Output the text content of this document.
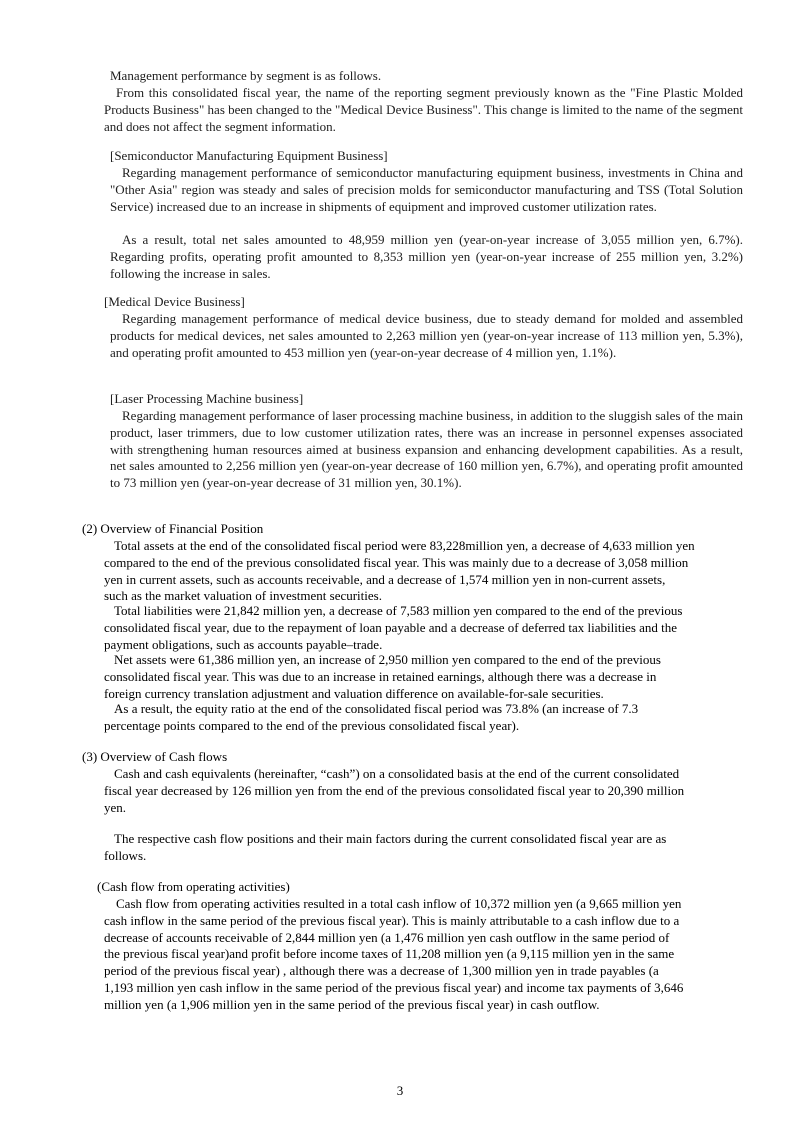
Management performance by segment is as follows.
From this consolidated fiscal year, the name of the reporting segment previously known as the "Fine Plastic Molded Products Business" has been changed to the "Medical Device Business". This change is limited to the name of the segment and does not affect the segment information.
[Semiconductor Manufacturing Equipment Business]
Regarding management performance of semiconductor manufacturing equipment business, investments in China and "Other Asia" region was steady and sales of precision molds for semiconductor manufacturing and TSS (Total Solution Service) increased due to an increase in shipments of equipment and improved customer utilization rates.
As a result, total net sales amounted to 48,959 million yen (year-on-year increase of 3,055 million yen, 6.7%). Regarding profits, operating profit amounted to 8,353 million yen (year-on-year increase of 255 million yen, 3.2%) following the increase in sales.
[Medical Device Business]
Regarding management performance of medical device business, due to steady demand for molded and assembled products for medical devices, net sales amounted to 2,263 million yen (year-on-year increase of 113 million yen, 5.3%), and operating profit amounted to 453 million yen (year-on-year decrease of 4 million yen, 1.1%).
[Laser Processing Machine business]
Regarding management performance of laser processing machine business, in addition to the sluggish sales of the main product, laser trimmers, due to low customer utilization rates, there was an increase in personnel expenses associated with strengthening human resources aimed at business expansion and enhancing development capabilities. As a result, net sales amounted to 2,256 million yen (year-on-year decrease of 160 million yen, 6.7%), and operating profit amounted to 73 million yen (year-on-year decrease of 31 million yen, 30.1%).
(2) Overview of Financial Position
Total assets at the end of the consolidated fiscal period were 83,228million yen, a decrease of 4,633 million yen
compared to the end of the previous consolidated fiscal year. This was mainly due to a decrease of 3,058 million
yen in current assets, such as accounts receivable, and a decrease of 1,574 million yen in non-current assets,
such as the market valuation of investment securities.
Total liabilities were 21,842 million yen, a decrease of 7,583 million yen compared to the end of the previous
consolidated fiscal year, due to the repayment of loan payable and a decrease of deferred tax liabilities and the
payment obligations, such as accounts payable–trade.
Net assets were 61,386 million yen, an increase of 2,950 million yen compared to the end of the previous
consolidated fiscal year. This was due to an increase in retained earnings, although there was a decrease in
foreign currency translation adjustment and valuation difference on available-for-sale securities.
As a result, the equity ratio at the end of the consolidated fiscal period was 73.8% (an increase of 7.3
percentage points compared to the end of the previous consolidated fiscal year).
(3) Overview of Cash flows
Cash and cash equivalents (hereinafter, “cash”) on a consolidated basis at the end of the current consolidated
fiscal year decreased by 126 million yen from the end of the previous consolidated fiscal year to 20,390 million
yen.
The respective cash flow positions and their main factors during the current consolidated fiscal year are as
follows.
(Cash flow from operating activities)
Cash flow from operating activities resulted in a total cash inflow of 10,372 million yen (a 9,665 million yen
cash inflow in the same period of the previous fiscal year). This is mainly attributable to a cash inflow due to a
decrease of accounts receivable of 2,844 million yen (a 1,476 million yen cash outflow in the same period of
the previous fiscal year)and profit before income taxes of 11,208 million yen (a 9,115 million yen in the same
period of the previous fiscal year) , although there was a decrease of 1,300 million yen in trade payables (a
1,193 million yen cash inflow in the same period of the previous fiscal year) and income tax payments of 3,646
million yen (a 1,906 million yen in the same period of the previous fiscal year) in cash outflow.
3
